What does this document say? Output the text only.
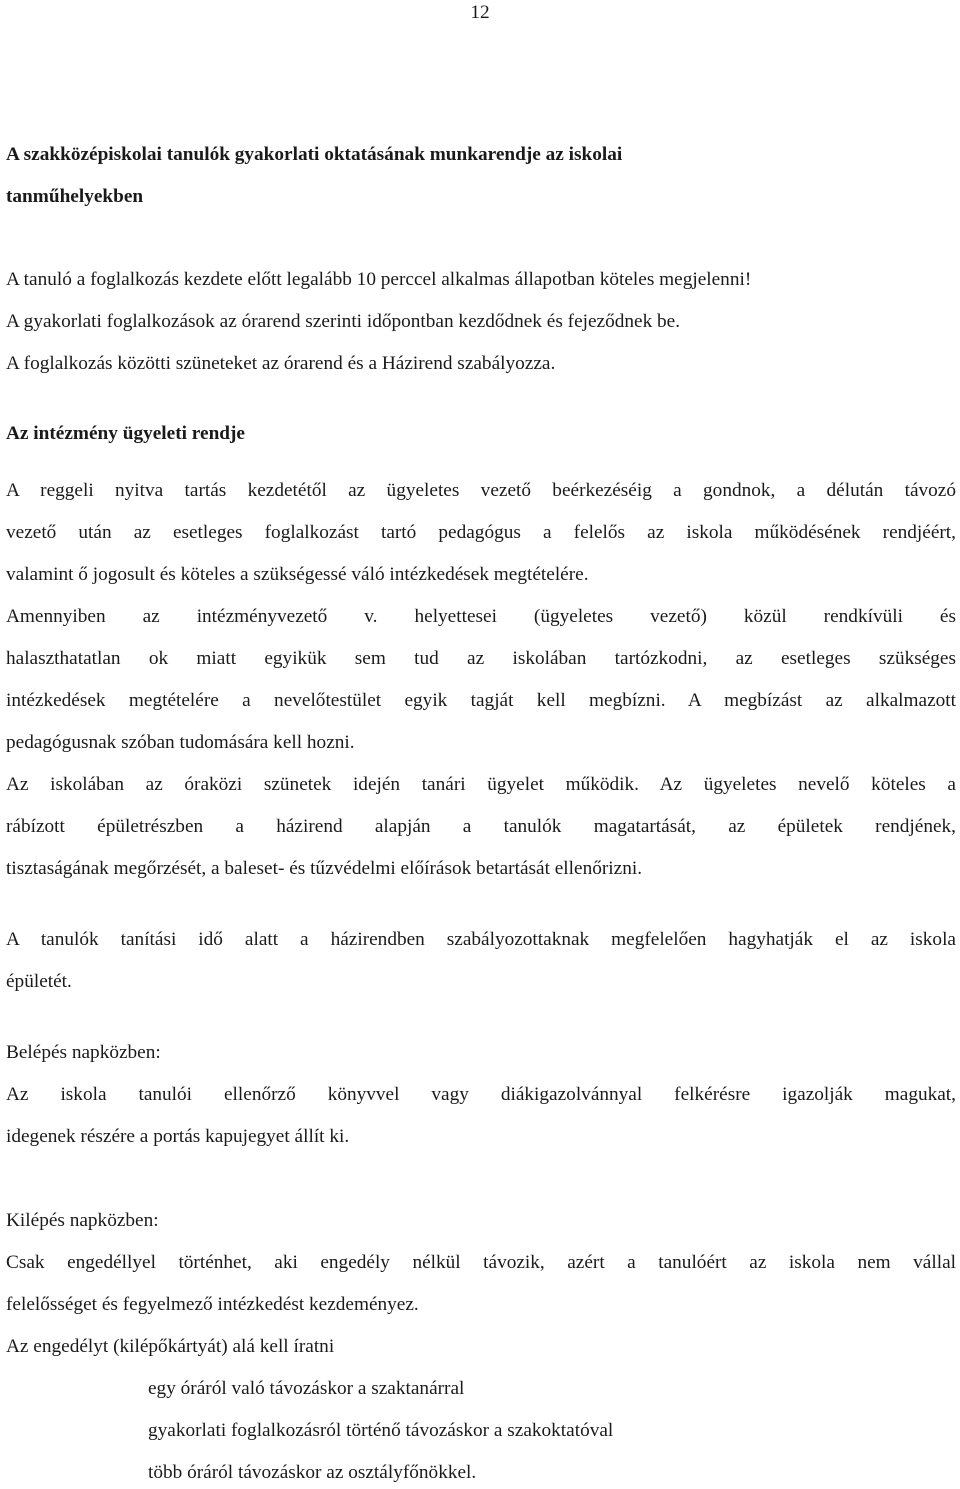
12
A szakközépiskolai tanulók gyakorlati oktatásának munkarendje az iskolai
tanműhelyekben
A tanuló a foglalkozás kezdete előtt legalább 10 perccel alkalmas állapotban köteles megjelenni!
A gyakorlati foglalkozások az órarend szerinti időpontban kezdődnek és fejeződnek be.
A foglalkozás közötti szüneteket az órarend és a Házirend szabályozza.
Az intézmény ügyeleti rendje
A reggeli nyitva tartás kezdetétől az ügyeletes vezető beérkezéséig a gondnok, a délután távozó
vezető után az esetleges foglalkozást tartó pedagógus a felelős az iskola működésének rendjéért,
valamint ő jogosult és köteles a szükségessé váló intézkedések megtételére.
Amennyiben az intézményvezető v. helyettesei (ügyeletes vezető) közül rendkívüli és
halaszthatatlan ok miatt egyikük sem tud az iskolában tartózkodni, az esetleges szükséges
intézkedések megtételére a nevelőtestület egyik tagját kell megbízni. A megbízást az alkalmazott
pedagógusnak szóban tudomására kell hozni.
Az iskolában az óraközi szünetek idején tanári ügyelet működik. Az ügyeletes nevelő köteles a
rábízott épületrészben a házirend alapján a tanulók magatartását, az épületek rendjének,
tisztaságának megőrzését, a baleset- és tűzvédelmi előírások betartását ellenőrizni.
A tanulók tanítási idő alatt a házirendben szabályozottaknak megfelelően hagyhatják el az iskola
épületét.
Belépés napközben:
Az iskola tanulói ellenőrző könyvvel vagy diákigazolvánnyal felkérésre igazolják magukat,
idegenek részére a portás kapujegyet állít ki.
Kilépés napközben:
Csak engedéllyel történhet, aki engedély nélkül távozik, azért a tanulóért az iskola nem vállal
felelősséget és fegyelmező intézkedést kezdeményez.
Az engedélyt (kilépőkártyát) alá kell íratni
egy óráról való távozáskor a szaktanárral
gyakorlati foglalkozásról történő távozáskor a szakoktatóval
több óráról távozáskor az osztályfőnökkel.
